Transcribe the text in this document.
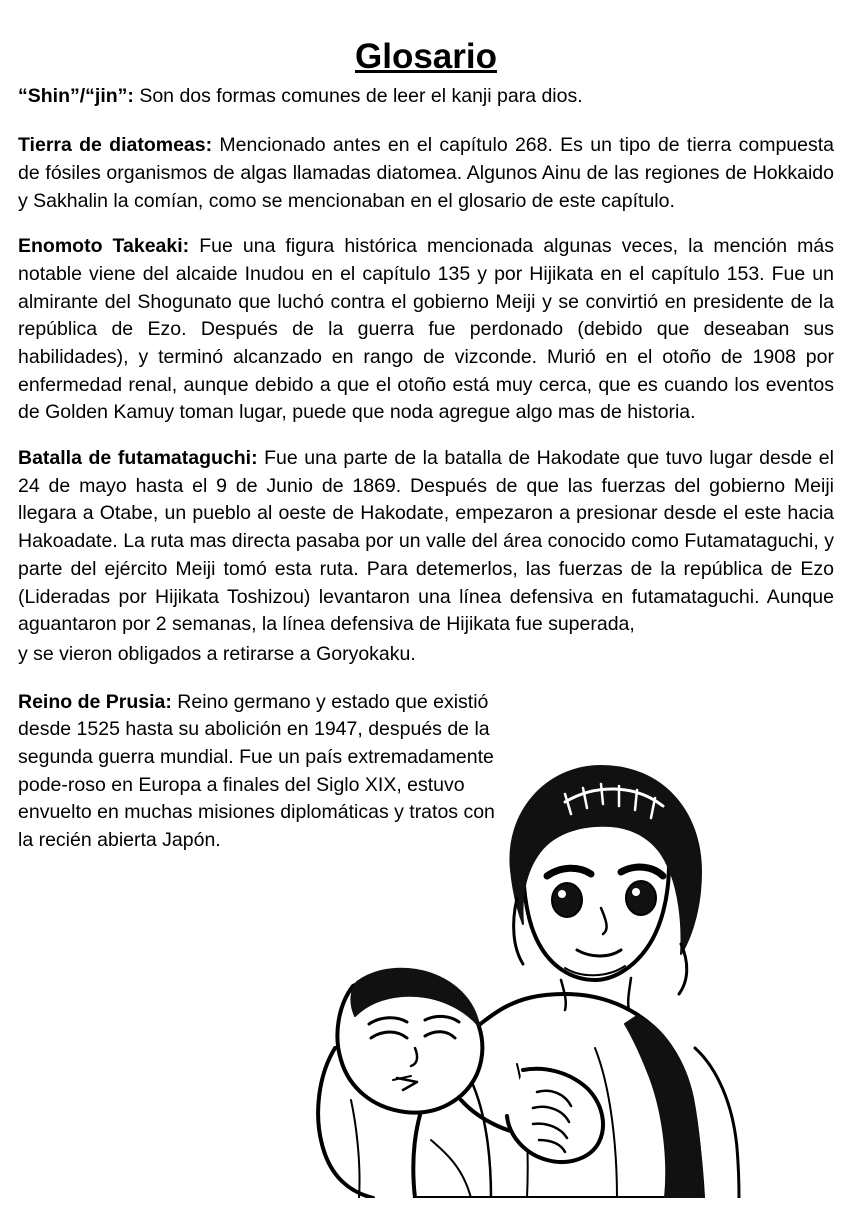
Glosario

“Shin”/“jin”: Son dos formas comunes de leer el kanji para dios.

Tierra de diatomeas: Mencionado antes en el capítulo 268. Es un tipo de tierra compuesta de fósiles organismos de algas llamadas diatomea. Algunos Ainu de las regiones de Hokkaido y Sakhalin la comían, como se mencionaban en el glosario de este capítulo.

Enomoto Takeaki: Fue una figura histórica mencionada algunas veces, la mención más notable viene del alcaide Inudou en el capítulo 135 y por Hijikata en el capítulo 153. Fue un almirante del Shogunato que luchó contra el gobierno Meiji y se convirtió en presidente de la república de Ezo. Después de la guerra fue perdonado (debido que deseaban sus habilidades), y terminó alcanzado en rango de vizconde. Murió en el otoño de 1908 por enfermedad renal, aunque debido a que el otoño está muy cerca, que es cuando los eventos de Golden Kamuy toman lugar, puede que noda agregue algo mas de historia.

Batalla de futamataguchi: Fue una parte de la batalla de Hakodate que tuvo lugar desde el 24 de mayo hasta el 9 de Junio de 1869. Después de que las fuerzas del gobierno Meiji llegara a Otabe, un pueblo al oeste de Hakodate, empezaron a presionar desde el este hacia Hakoadate. La ruta mas directa pasaba por un valle del área conocido como Futamataguchi, y parte del ejército Meiji tomó esta ruta. Para detemerlos, las fuerzas de la república de Ezo (Lideradas por Hijikata Toshizou) levantaron una línea defensiva en futamataguchi. Aunque aguantaron por 2 semanas, la línea defensiva de Hijikata fue superada,

y se vieron obligados a retirarse a Goryokaku.

Reino de Prusia: Reino germano y estado que existió desde 1525 hasta su abolición en 1947, después de la segunda guerra mundial. Fue un país extremadamente pode-roso en Europa a finales del Siglo XIX, estuvo envuelto en muchas misiones diplomáticas y tratos con la recién abierta Japón.
